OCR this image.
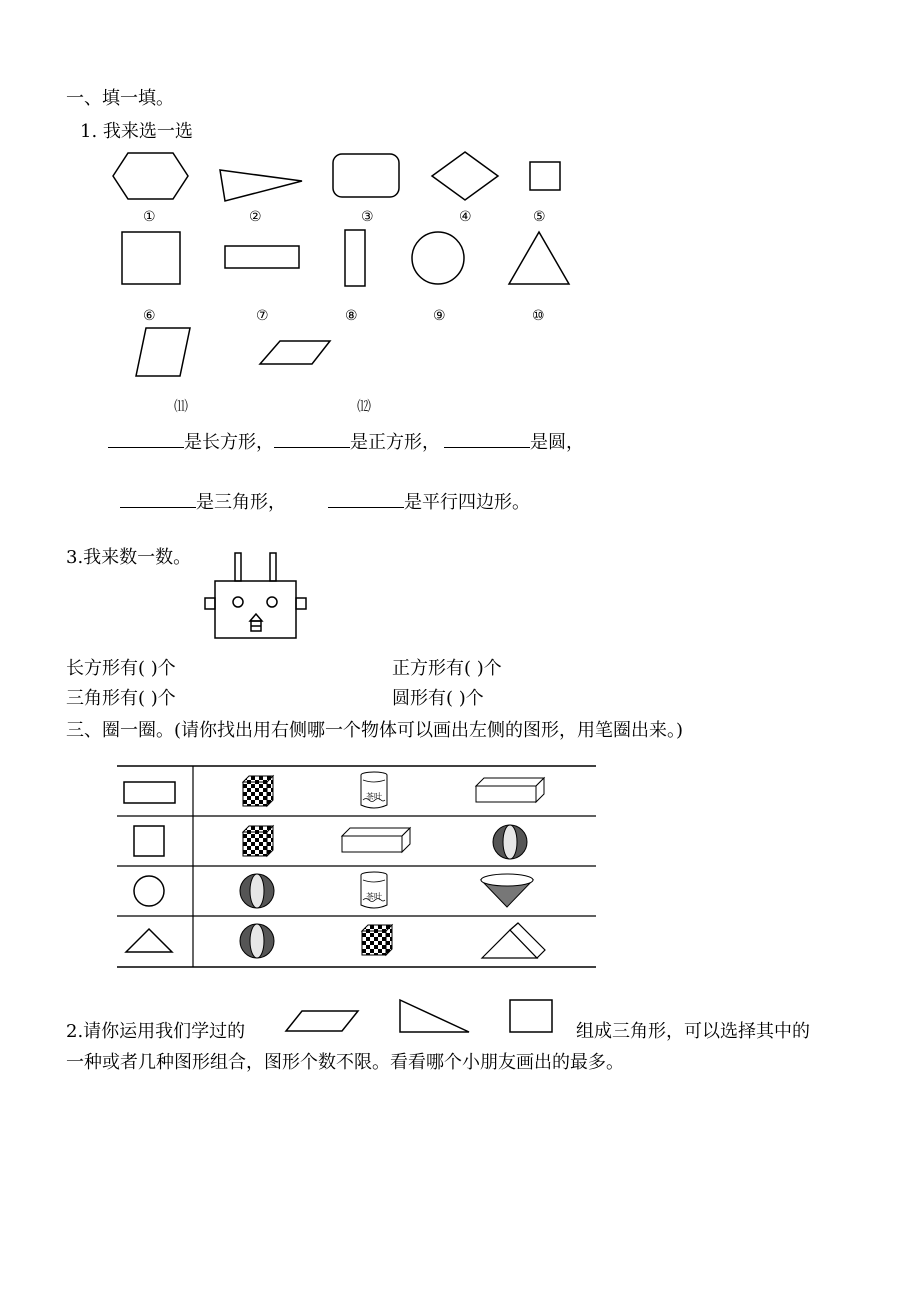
一、填一填。
1. 我来选一选
①	②	③	④	⑤
⑥	⑦	⑧	⑨	⑩
⑾	⑿
是长方形，	是正方形，	是圆，
是三角形，	是平行四边形。
3.我来数一数。
长方形有( )个	正方形有( )个
三角形有( )个	圆形有( )个
三、圈一圈。(请你找出用右侧哪一个物体可以画出左侧的图形，用笔圈出来。)
茶叶
茶叶
2.请你运用我们学过的	组成三角形，可以选择其中的
一种或者几种图形组合，图形个数不限。看看哪个小朋友画出的最多。
